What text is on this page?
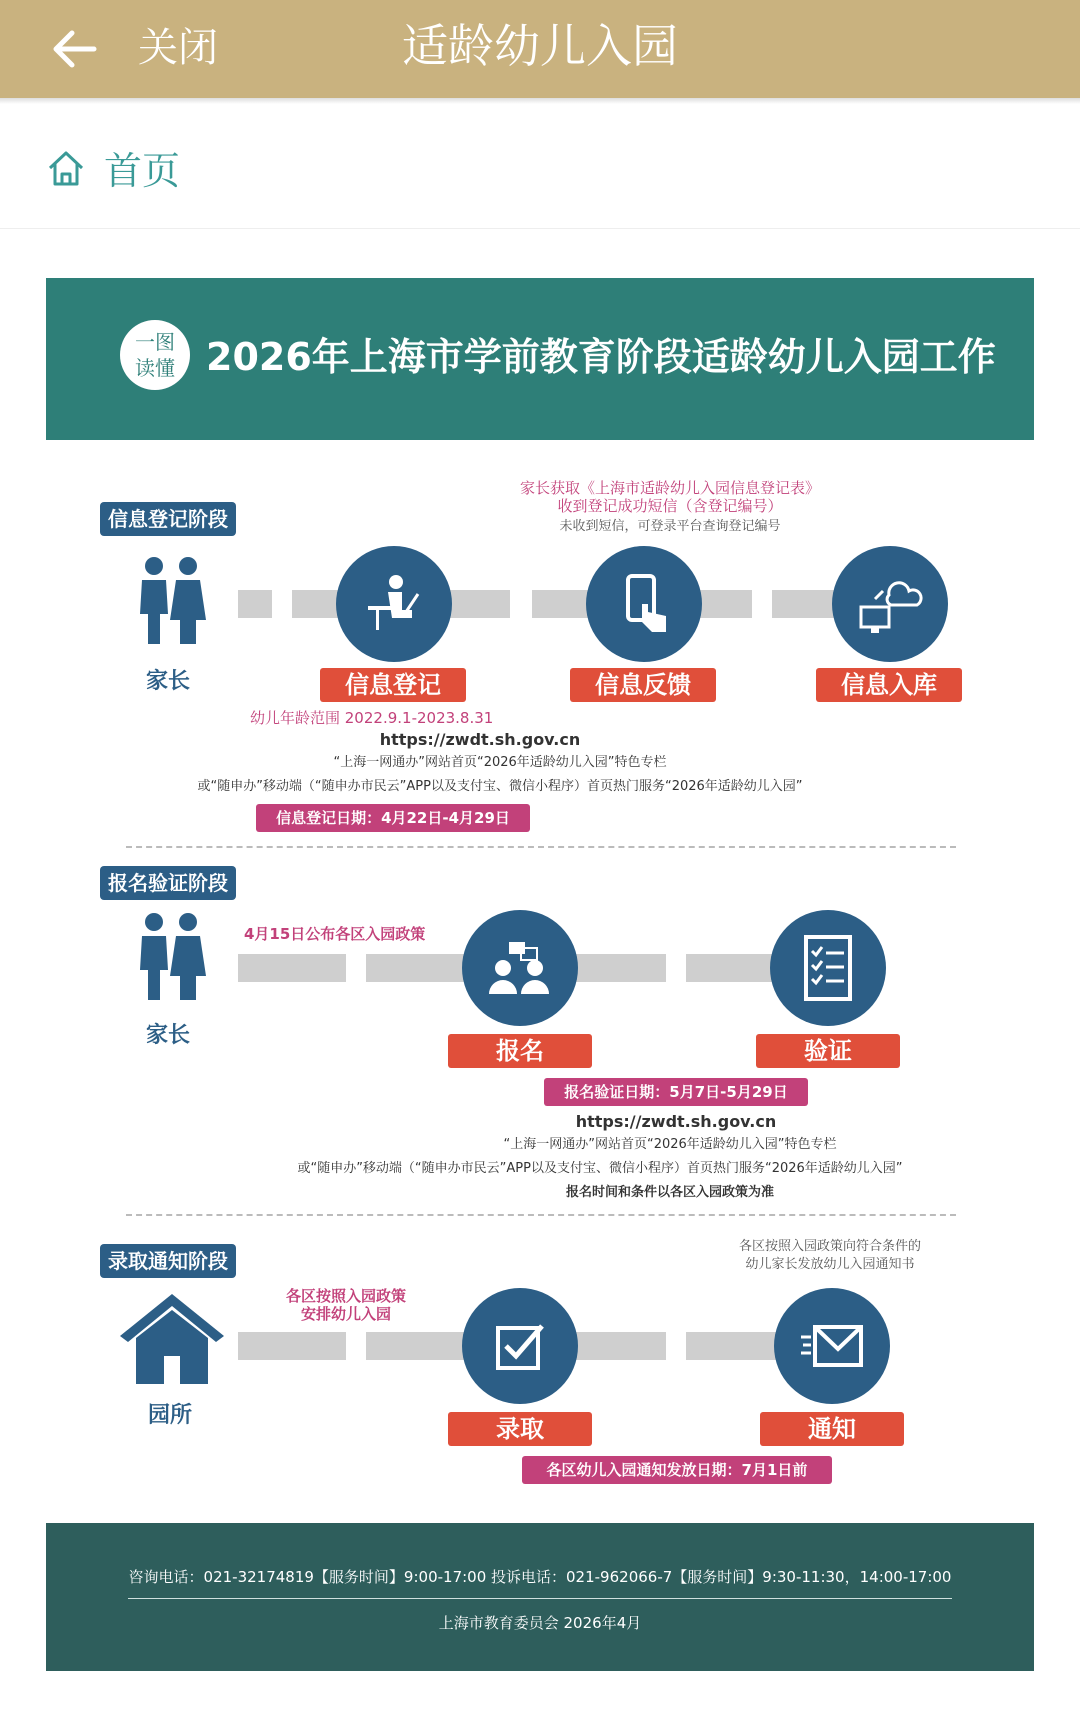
关闭	适龄幼儿入园
首页
一图
读懂 2026年上海市学前教育阶段适龄幼儿入园工作
信息登记阶段
家长获取《上海市适龄幼儿入园信息登记表》
收到登记成功短信（含登记编号）
未收到短信，可登录平台查询登记编号
家长	信息登记	信息反馈	信息入库
幼儿年龄范围 2022.9.1-2023.8.31
https://zwdt.sh.gov.cn
“上海一网通办”网站首页“2026年适龄幼儿入园”特色专栏
或“随申办”移动端（“随申办市民云”APP以及支付宝、微信小程序）首页热门服务“2026年适龄幼儿入园”
信息登记日期：4月22日-4月29日
报名验证阶段
家长
4月15日公布各区入园政策
报名	验证
报名验证日期：5月7日-5月29日
https://zwdt.sh.gov.cn
“上海一网通办”网站首页“2026年适龄幼儿入园”特色专栏
或“随申办”移动端（“随申办市民云”APP以及支付宝、微信小程序）首页热门服务“2026年适龄幼儿入园”
报名时间和条件以各区入园政策为准
录取通知阶段
各区按照入园政策向符合条件的
幼儿家长发放幼儿入园通知书
园所
各区按照入园政策
安排幼儿入园
录取	通知
各区幼儿入园通知发放日期：7月1日前
咨询电话：021-32174819【服务时间】9:00-17:00 投诉电话：021-962066-7【服务时间】9:30-11:30，14:00-17:00
上海市教育委员会 2026年4月
